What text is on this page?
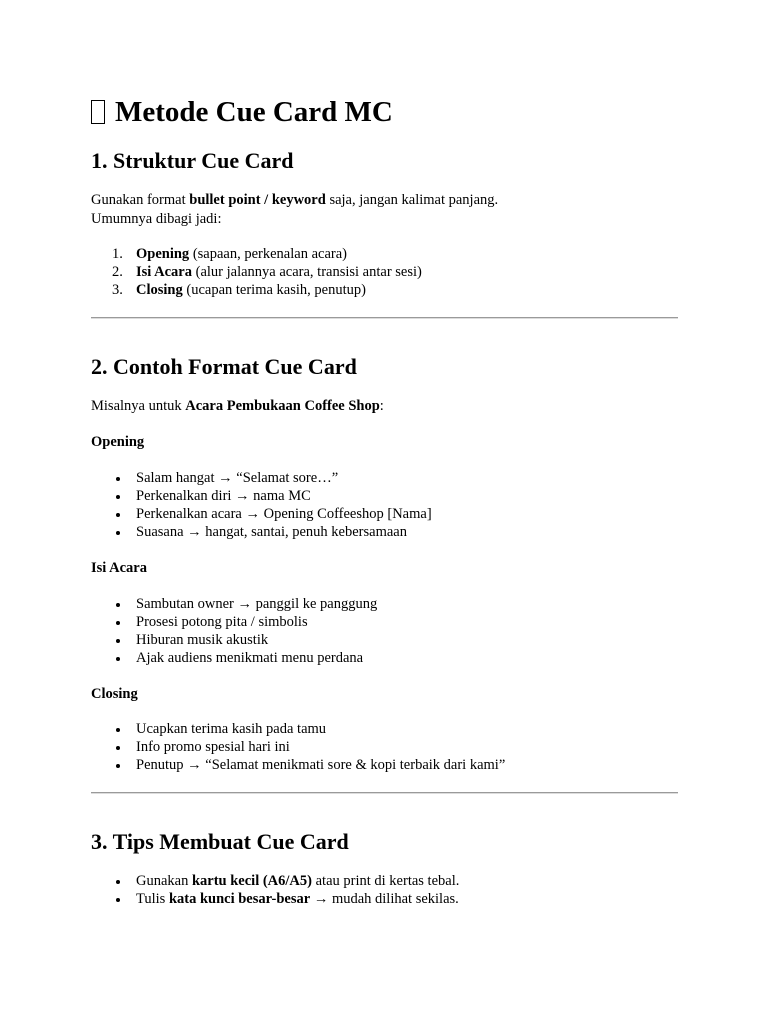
Metode Cue Card MC
1. Struktur Cue Card
Gunakan format bullet point / keyword saja, jangan kalimat panjang.
Umumnya dibagi jadi:
1. Opening (sapaan, perkenalan acara)
2. Isi Acara (alur jalannya acara, transisi antar sesi)
3. Closing (ucapan terima kasih, penutup)
2. Contoh Format Cue Card
Misalnya untuk Acara Pembukaan Coffee Shop:
Opening
Salam hangat → “Selamat sore…”
Perkenalkan diri → nama MC
Perkenalkan acara → Opening Coffeeshop [Nama]
Suasana → hangat, santai, penuh kebersamaan
Isi Acara
Sambutan owner → panggil ke panggung
Prosesi potong pita / simbolis
Hiburan musik akustik
Ajak audiens menikmati menu perdana
Closing
Ucapkan terima kasih pada tamu
Info promo spesial hari ini
Penutup → “Selamat menikmati sore & kopi terbaik dari kami”
3. Tips Membuat Cue Card
Gunakan kartu kecil (A6/A5) atau print di kertas tebal.
Tulis kata kunci besar-besar → mudah dilihat sekilas.
